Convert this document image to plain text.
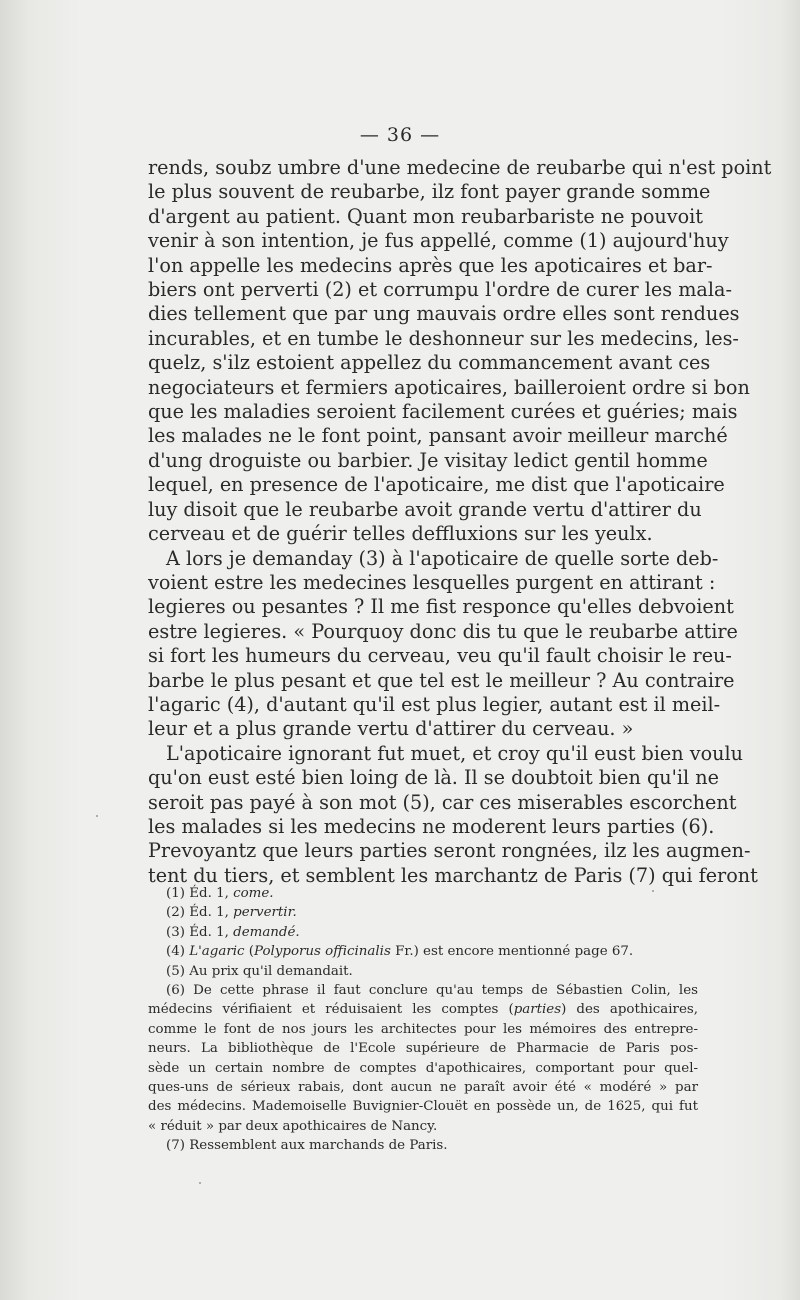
— 36 —
rends, soubz umbre d'une medecine de reubarbe qui n'est point
le plus souvent de reubarbe, ilz font payer grande somme
d'argent au patient. Quant mon reubarbariste ne pouvoit
venir à son intention, je fus appellé, comme (1) aujourd'huy
l'on appelle les medecins après que les apoticaires et bar-
biers ont perverti (2) et corrumpu l'ordre de curer les mala-
dies tellement que par ung mauvais ordre elles sont rendues
incurables, et en tumbe le deshonneur sur les medecins, les-
quelz, s'ilz estoient appellez du commancement avant ces
negociateurs et fermiers apoticaires, bailleroient ordre si bon
que les maladies seroient facilement curées et guéries; mais
les malades ne le font point, pansant avoir meilleur marché
d'ung droguiste ou barbier. Je visitay ledict gentil homme
lequel, en presence de l'apoticaire, me dist que l'apoticaire
luy disoit que le reubarbe avoit grande vertu d'attirer du
cerveau et de guérir telles deffluxions sur les yeulx.
A lors je demanday (3) à l'apoticaire de quelle sorte deb-
voient estre les medecines lesquelles purgent en attirant :
legieres ou pesantes ? Il me fist responce qu'elles debvoient
estre legieres. « Pourquoy donc dis tu que le reubarbe attire
si fort les humeurs du cerveau, veu qu'il fault choisir le reu-
barbe le plus pesant et que tel est le meilleur ? Au contraire
l'agaric (4), d'autant qu'il est plus legier, autant est il meil-
leur et a plus grande vertu d'attirer du cerveau. »
L'apoticaire ignorant fut muet, et croy qu'il eust bien voulu
qu'on eust esté bien loing de là. Il se doubtoit bien qu'il ne
seroit pas payé à son mot (5), car ces miserables escorchent
les malades si les medecins ne moderent leurs parties (6).
Prevoyantz que leurs parties seront rongnées, ilz les augmen-
tent du tiers, et semblent les marchantz de Paris (7) qui feront
(1) Éd. 1, come.
(2) Éd. 1, pervertir.
(3) Éd. 1, demandé.
(4) L'agaric (Polyporus officinalis Fr.) est encore mentionné page 67.
(5) Au prix qu'il demandait.
(6) De cette phrase il faut conclure qu'au temps de Sébastien Colin, les
médecins vérifiaient et réduisaient les comptes (parties) des apothicaires,
comme le font de nos jours les architectes pour les mémoires des entrepre-
neurs. La bibliothèque de l'Ecole supérieure de Pharmacie de Paris pos-
sède un certain nombre de comptes d'apothicaires, comportant pour quel-
ques-uns de sérieux rabais, dont aucun ne paraît avoir été « modéré » par
des médecins. Mademoiselle Buvignier-Clouët en possède un, de 1625, qui fut
« réduit » par deux apothicaires de Nancy.
(7) Ressemblent aux marchands de Paris.
